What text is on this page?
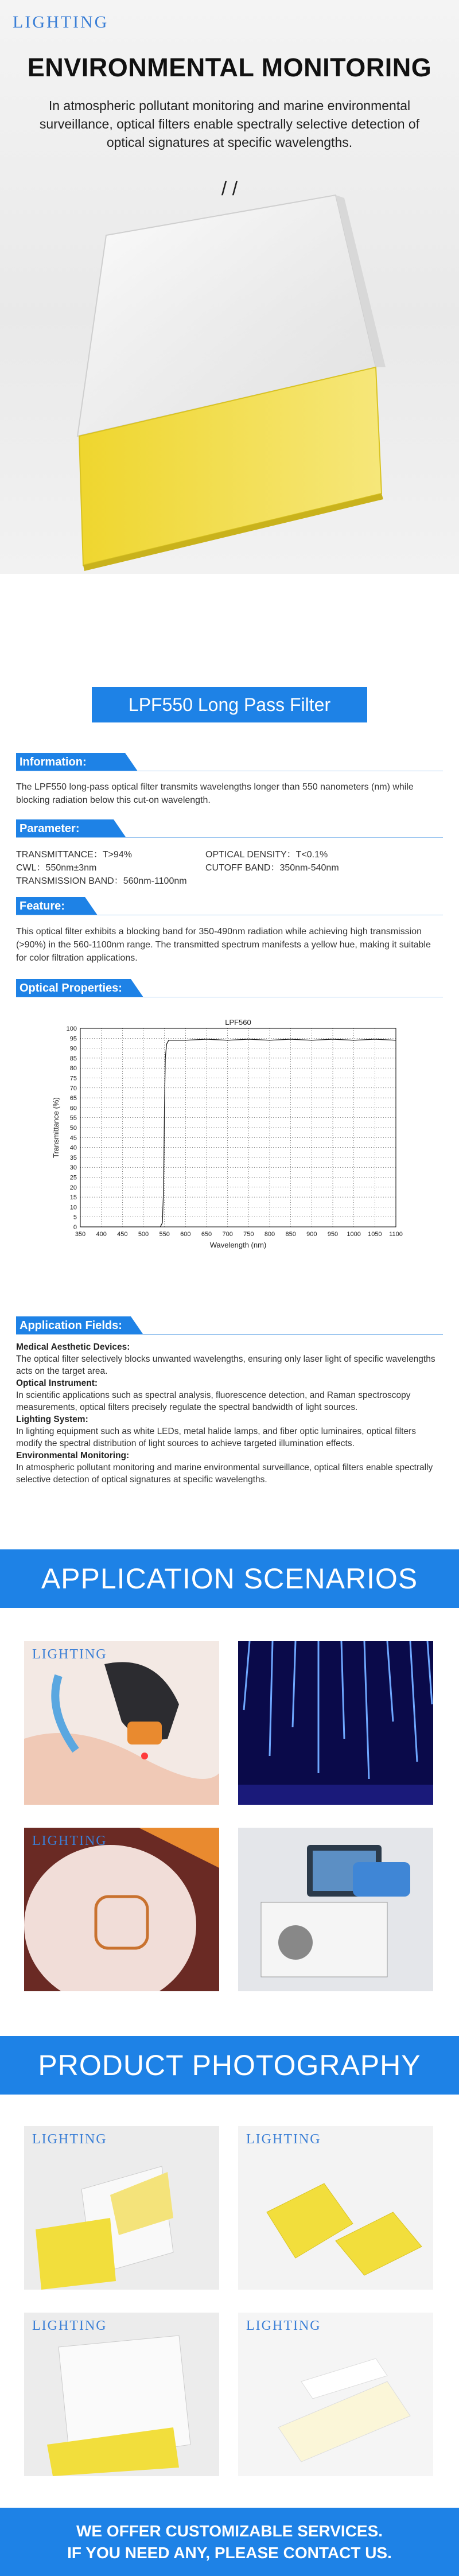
LIGHTING
ENVIRONMENTAL MONITORING
In atmospheric pollutant monitoring and marine environmental surveillance, optical filters enable spectrally selective detection of optical signatures at specific wavelengths.
/ /
LPF550 Long Pass Filter
Information:
The LPF550 long-pass optical filter transmits wavelengths longer than 550 nanometers (nm) while blocking radiation below this cut-on wavelength.
Parameter:
TRANSMITTANCE：T>94%	OPTICAL DENSITY：T<0.1%
CWL：550nm±3nm	CUTOFF BAND：350nm-540nm
TRANSMISSION BAND：560nm-1100nm
Feature:
This optical filter exhibits a blocking band for 350-490nm radiation while achieving high transmission (>90%) in the 560-1100nm range. The transmitted spectrum manifests a yellow hue, making it suitable for color filtration applications.
Optical Properties:
LPF560
350 400 450 500 550 600 650 700 750 800 850 900 950 1000 1050 1100
0
5
10
15
20
25
30
35
40
45
50
55
60
65
70
75
80
85
90
95
100
Wavelength (nm)
Transmittance (%)
Application Fields:
Medical Aesthetic Devices:
The optical filter selectively blocks unwanted wavelengths, ensuring only laser light of specific wavelengths acts on the target area.
Optical Instrument:
In scientific applications such as spectral analysis, fluorescence detection, and Raman spectroscopy measurements, optical filters precisely regulate the spectral bandwidth of light sources.
Lighting System:
In lighting equipment such as white LEDs, metal halide lamps, and fiber optic luminaires, optical filters modify the spectral distribution of light sources to achieve targeted illumination effects.
Environmental Monitoring:
In atmospheric pollutant monitoring and marine environmental surveillance, optical filters enable spectrally selective detection of optical signatures at specific wavelengths.
APPLICATION SCENARIOS
LIGHTING
LIGHTING
PRODUCT PHOTOGRAPHY
LIGHTING	LIGHTING
LIGHTING	LIGHTING
WE OFFER CUSTOMIZABLE SERVICES.
IF YOU NEED ANY, PLEASE CONTACT US.
